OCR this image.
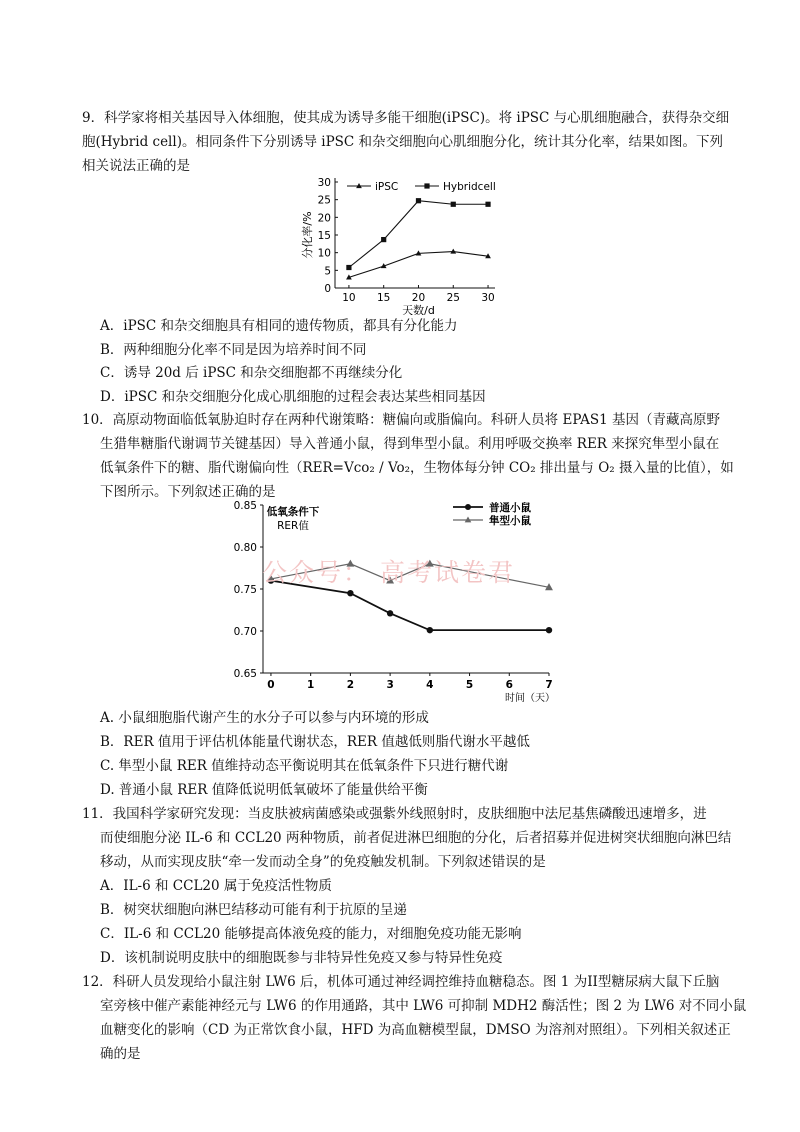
9．科学家将相关基因导入体细胞，使其成为诱导多能干细胞(iPSC)。将 iPSC 与心肌细胞融合，获得杂交细
胞(Hybrid cell)。相同条件下分别诱导 iPSC 和杂交细胞向心肌细胞分化，统计其分化率，结果如图。下列
相关说法正确的是
0
5
10
15
20
25
30
10 15 20 25 30
天数/d
分化率/%
iPSC	Hybridcell
A．iPSC 和杂交细胞具有相同的遗传物质，都具有分化能力
B．两种细胞分化率不同是因为培养时间不同
C．诱导 20d 后 iPSC 和杂交细胞都不再继续分化
D．iPSC 和杂交细胞分化成心肌细胞的过程会表达某些相同基因
10．高原动物面临低氧胁迫时存在两种代谢策略：糖偏向或脂偏向。科研人员将 EPAS1 基因（青藏高原野
生猎隼糖脂代谢调节关键基因）导入普通小鼠，得到隼型小鼠。利用呼吸交换率 RER 来探究隼型小鼠在
低氧条件下的糖、脂代谢偏向性（RER=Vco₂ / Vo₂，生物体每分钟 CO₂ 排出量与 O₂ 摄入量的比值），如
下图所示。下列叙述正确的是
0.65
0.70
0.75
0.80
0.85
0	1	2	3	4	5	6	7
时间（天）
低氧条件下
RER值
普通小鼠
隼型小鼠
公众号： 高考试卷君
A. 小鼠细胞脂代谢产生的水分子可以参与内环境的形成
B．RER 值用于评估机体能量代谢状态，RER 值越低则脂代谢水平越低
C. 隼型小鼠 RER 值维持动态平衡说明其在低氧条件下只进行糖代谢
D. 普通小鼠 RER 值降低说明低氧破坏了能量供给平衡
11．我国科学家研究发现：当皮肤被病菌感染或强紫外线照射时，皮肤细胞中法尼基焦磷酸迅速增多，进
而使细胞分泌 IL-6 和 CCL20 两种物质，前者促进淋巴细胞的分化，后者招募并促进树突状细胞向淋巴结
移动，从而实现皮肤“牵一发而动全身”的免疫触发机制。下列叙述错误的是
A．IL-6 和 CCL20 属于免疫活性物质
B．树突状细胞向淋巴结移动可能有利于抗原的呈递
C．IL-6 和 CCL20 能够提高体液免疫的能力，对细胞免疫功能无影响
D．该机制说明皮肤中的细胞既参与非特异性免疫又参与特异性免疫
12．科研人员发现给小鼠注射 LW6 后，机体可通过神经调控维持血糖稳态。图 1 为II型糖尿病大鼠下丘脑
室旁核中催产素能神经元与 LW6 的作用通路，其中 LW6 可抑制 MDH2 酶活性；图 2 为 LW6 对不同小鼠
血糖变化的影响（CD 为正常饮食小鼠，HFD 为高血糖模型鼠，DMSO 为溶剂对照组）。下列相关叙述正
确的是
